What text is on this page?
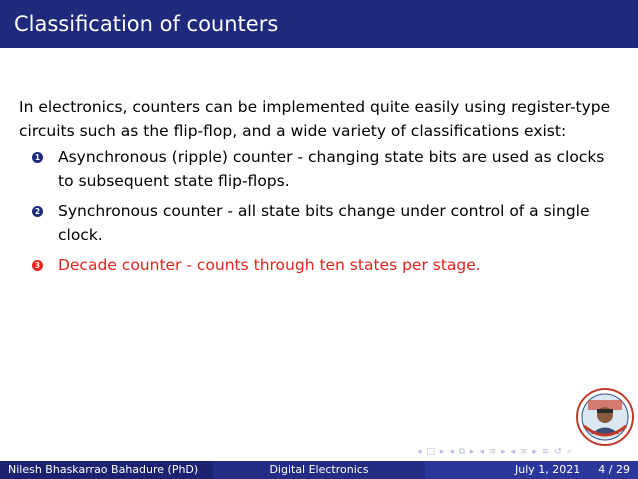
Classification of counters
In electronics, counters can be implemented quite easily using register-type circuits such as the flip-flop, and a wide variety of classifications exist:
1 Asynchronous (ripple) counter - changing state bits are used as clocks to subsequent state flip-flops.
2 Synchronous counter - all state bits change under control of a single clock.
3 Decade counter - counts through ten states per stage.
◂ □ ▸ ◂ ⧉ ▸ ◂ ≡ ▸ ◂ ≡ ▸ ≡ ↺ ⌕
Nilesh Bhaskarrao Bahadure (PhD)	Digital Electronics	July 1, 2021 4 / 29
